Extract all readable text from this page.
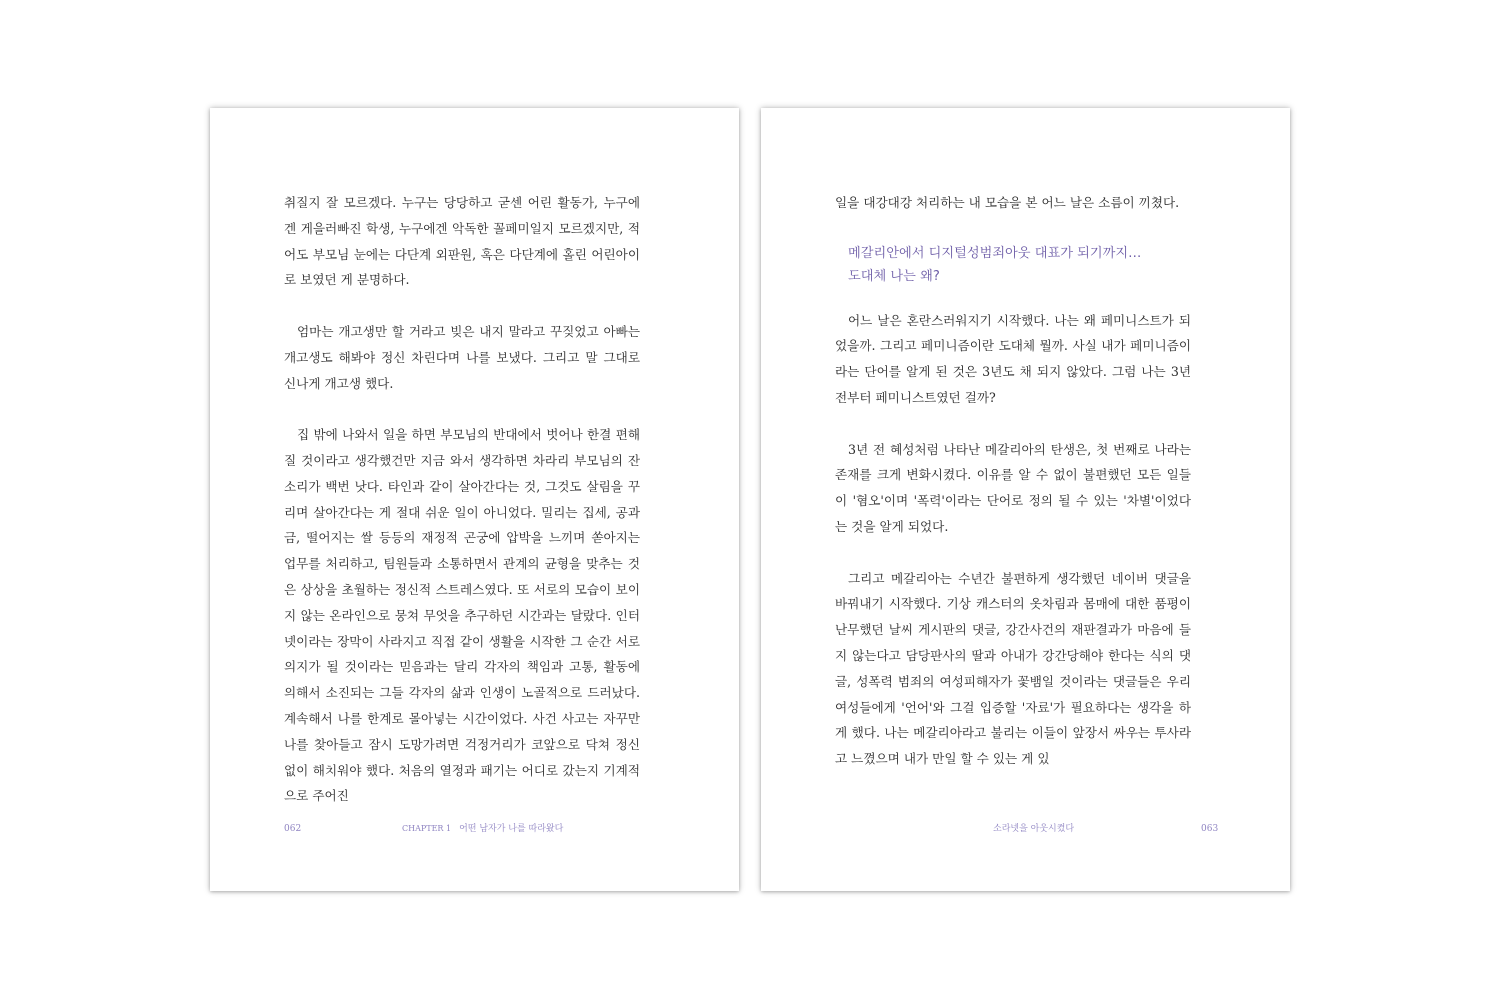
취질지 잘 모르겠다. 누구는 당당하고 굳센 어린 활동가, 누구에겐 게을러빠진 학생, 누구에겐 악독한 꼴페미일지 모르겠지만, 적어도 부모님 눈에는 다단계 외판원, 혹은 다단계에 홀린 어린아이로 보였던 게 분명하다.

엄마는 개고생만 할 거라고 빚은 내지 말라고 꾸짖었고 아빠는 개고생도 해봐야 정신 차린다며 나를 보냈다. 그리고 말 그대로 신나게 개고생 했다.

집 밖에 나와서 일을 하면 부모님의 반대에서 벗어나 한결 편해질 것이라고 생각했건만 지금 와서 생각하면 차라리 부모님의 잔소리가 백번 낫다. 타인과 같이 살아간다는 것, 그것도 살림을 꾸리며 살아간다는 게 절대 쉬운 일이 아니었다. 밀리는 집세, 공과금, 떨어지는 쌀 등등의 재정적 곤궁에 압박을 느끼며 쏟아지는 업무를 처리하고, 팀원들과 소통하면서 관계의 균형을 맞추는 것은 상상을 초월하는 정신적 스트레스였다. 또 서로의 모습이 보이지 않는 온라인으로 뭉쳐 무엇을 추구하던 시간과는 달랐다. 인터넷이라는 장막이 사라지고 직접 같이 생활을 시작한 그 순간 서로 의지가 될 것이라는 믿음과는 달리 각자의 책임과 고통, 활동에 의해서 소진되는 그들 각자의 삶과 인생이 노골적으로 드러났다. 계속해서 나를 한계로 몰아넣는 시간이었다. 사건 사고는 자꾸만 나를 찾아들고 잠시 도망가려면 걱정거리가 코앞으로 닥쳐 정신없이 해치워야 했다. 처음의 열정과 패기는 어디로 갔는지 기계적으로 주어진

062	CHAPTER 1 어떤 남자가 나를 따라왔다

일을 대강대강 처리하는 내 모습을 본 어느 날은 소름이 끼쳤다.

메갈리안에서 디지털성범죄아웃 대표가 되기까지…
도대체 나는 왜?

어느 날은 혼란스러워지기 시작했다. 나는 왜 페미니스트가 되었을까. 그리고 페미니즘이란 도대체 뭘까. 사실 내가 페미니즘이라는 단어를 알게 된 것은 3년도 채 되지 않았다. 그럼 나는 3년 전부터 페미니스트였던 걸까?

3년 전 혜성처럼 나타난 메갈리아의 탄생은, 첫 번째로 나라는 존재를 크게 변화시켰다. 이유를 알 수 없이 불편했던 모든 일들이 '혐오'이며 '폭력'이라는 단어로 정의 될 수 있는 '차별'이었다는 것을 알게 되었다.

그리고 메갈리아는 수년간 불편하게 생각했던 네이버 댓글을 바꿔내기 시작했다. 기상 캐스터의 옷차림과 몸매에 대한 품평이 난무했던 날씨 게시판의 댓글, 강간사건의 재판결과가 마음에 들지 않는다고 담당판사의 딸과 아내가 강간당해야 한다는 식의 댓글, 성폭력 범죄의 여성피해자가 꽃뱀일 것이라는 댓글들은 우리 여성들에게 '언어'와 그걸 입증할 '자료'가 필요하다는 생각을 하게 했다. 나는 메갈리아라고 불리는 이들이 앞장서 싸우는 투사라고 느꼈으며 내가 만일 할 수 있는 게 있

소라넷을 아웃시켰다	063
